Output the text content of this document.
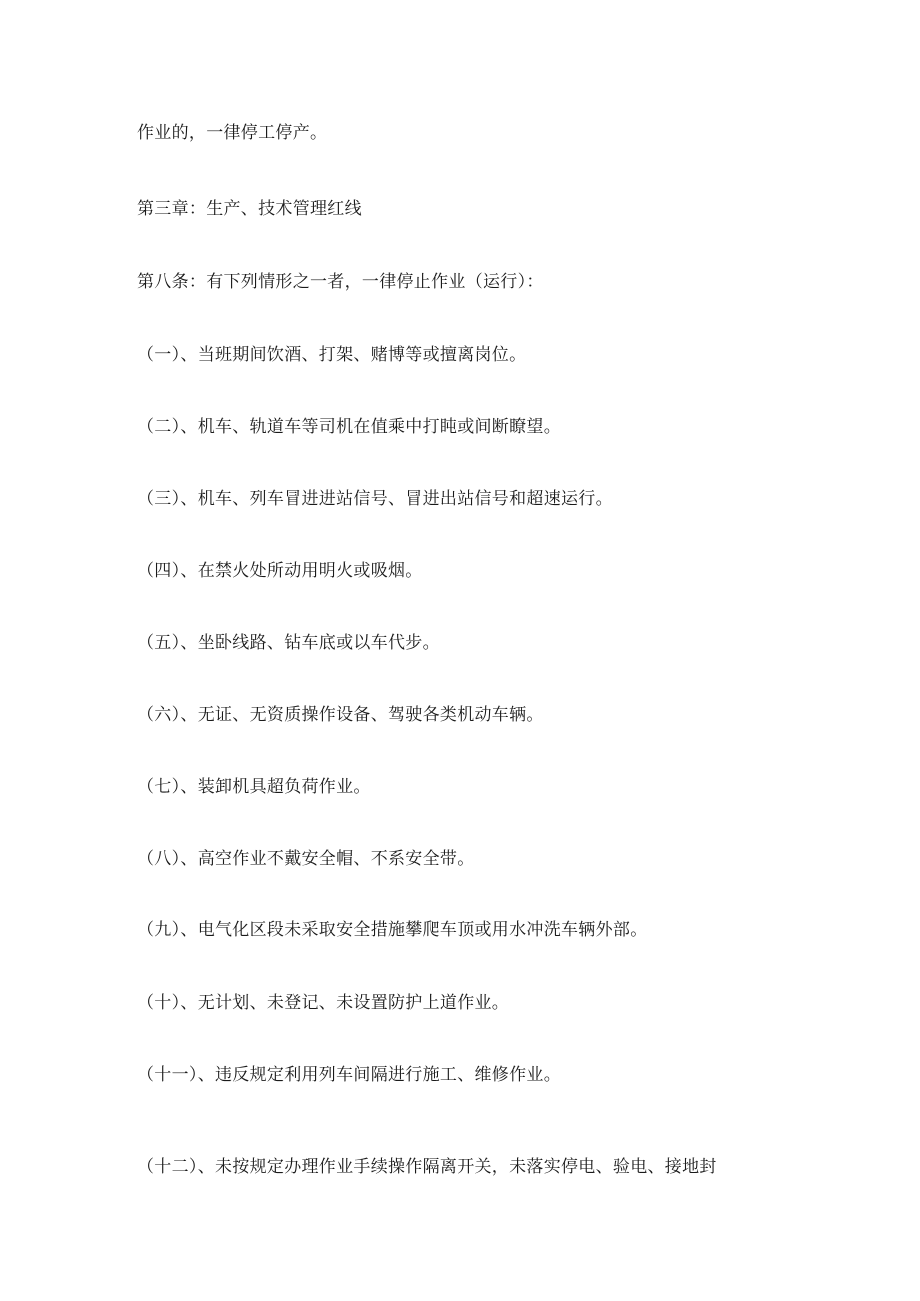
作业的，一律停工停产。
第三章：生产、技术管理红线
第八条：有下列情形之一者，一律停止作业（运行）：
（一）、当班期间饮酒、打架、赌博等或擅离岗位。
（二）、机车、轨道车等司机在值乘中打盹或间断瞭望。
（三）、机车、列车冒进进站信号、冒进出站信号和超速运行。
（四）、在禁火处所动用明火或吸烟。
（五）、坐卧线路、钻车底或以车代步。
（六）、无证、无资质操作设备、驾驶各类机动车辆。
（七）、装卸机具超负荷作业。
（八）、高空作业不戴安全帽、不系安全带。
（九）、电气化区段未采取安全措施攀爬车顶或用水冲洗车辆外部。
（十）、无计划、未登记、未设置防护上道作业。
（十一）、违反规定利用列车间隔进行施工、维修作业。
（十二）、未按规定办理作业手续操作隔离开关，未落实停电、验电、接地封
